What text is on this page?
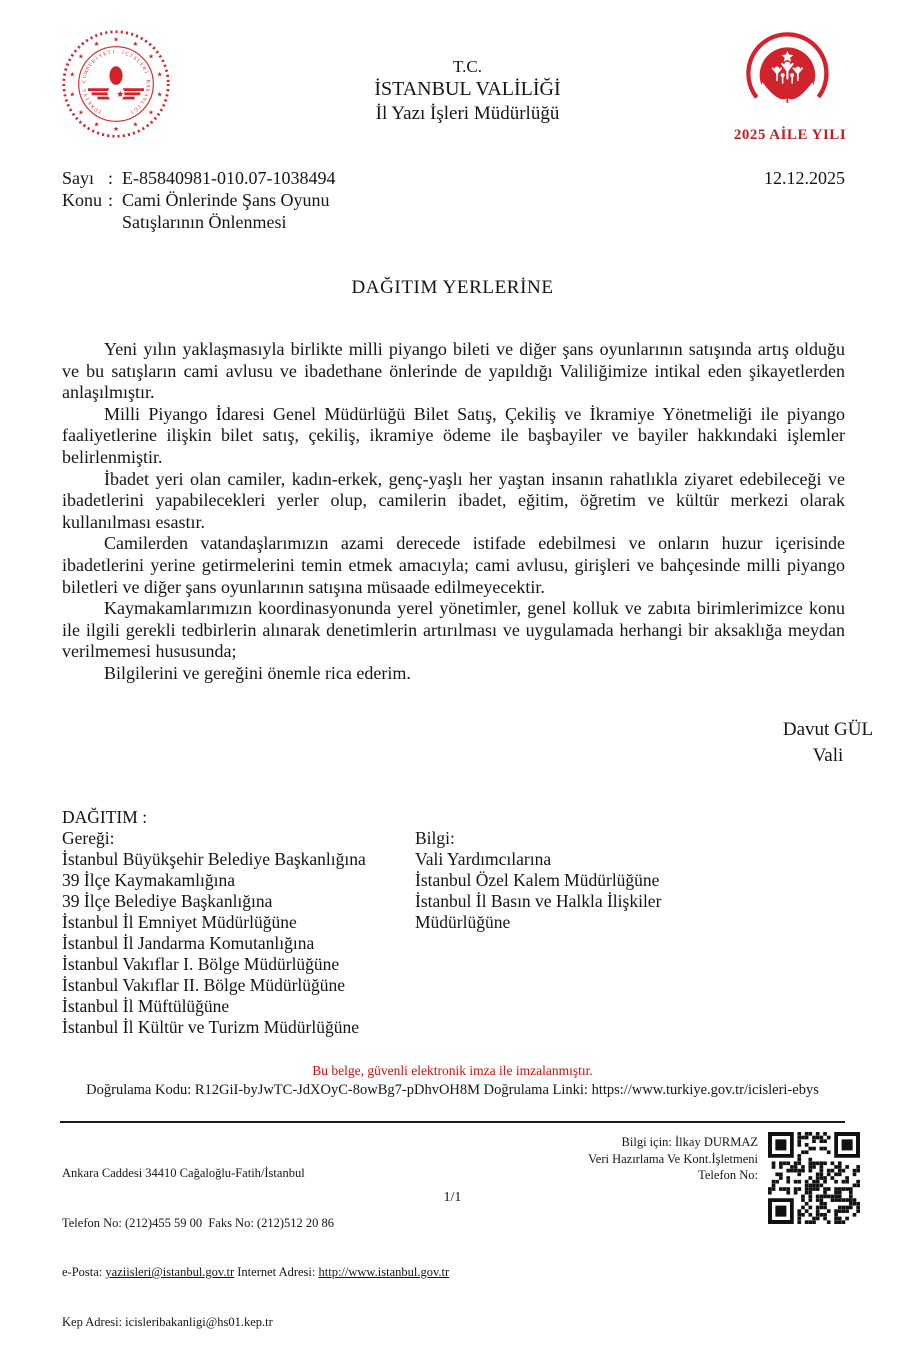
★
★
★
★
★
★
★
★
★
★
★
★
★
★
T
Ü
R
K
İ
Y
E
C
U
M
H
U
R
İ
Y E T İ İ Ç İ Ş
L
E
R
İ
B
A
K
A
N
L
I
Ğ
I
T.C.
İSTANBUL VALİLİĞİ
İl Yazı İşleri Müdürlüğü
2025 AİLE YILI
Sayı : E-85840981-010.07-1038494
Konu : Cami Önlerinde Şans Oyunu
Satışlarının Önlenmesi
12.12.2025
DAĞITIM YERLERİNE

Yeni yılın yaklaşmasıyla birlikte milli piyango bileti ve diğer şans oyunlarının satışında artış olduğu ve bu satışların cami avlusu ve ibadethane önlerinde de yapıldığı Valiliğimize intikal eden şikayetlerden anlaşılmıştır.

Milli Piyango İdaresi Genel Müdürlüğü Bilet Satış, Çekiliş ve İkramiye Yönetmeliği ile piyango faaliyetlerine ilişkin bilet satış, çekiliş, ikramiye ödeme ile başbayiler ve bayiler hakkındaki işlemler belirlenmiştir.

İbadet yeri olan camiler, kadın-erkek, genç-yaşlı her yaştan insanın rahatlıkla ziyaret edebileceği ve ibadetlerini yapabilecekleri yerler olup, camilerin ibadet, eğitim, öğretim ve kültür merkezi olarak kullanılması esastır.

Camilerden vatandaşlarımızın azami derecede istifade edebilmesi ve onların huzur içerisinde ibadetlerini yerine getirmelerini temin etmek amacıyla; cami avlusu, girişleri ve bahçesinde milli piyango biletleri ve diğer şans oyunlarının satışına müsaade edilmeyecektir.

Kaymakamlarımızın koordinasyonunda yerel yönetimler, genel kolluk ve zabıta birimlerimizce konu ile ilgili gerekli tedbirlerin alınarak denetimlerin artırılması ve uygulamada herhangi bir aksaklığa meydan verilmemesi hususunda;

Bilgilerini ve gereğini önemle rica ederim.

Davut GÜL
Vali
DAĞITIM :
Gereği:
İstanbul Büyükşehir Belediye Başkanlığına
39 İlçe Kaymakamlığına
39 İlçe Belediye Başkanlığına
İstanbul İl Emniyet Müdürlüğüne
İstanbul İl Jandarma Komutanlığına
İstanbul Vakıflar I. Bölge Müdürlüğüne
İstanbul Vakıflar II. Bölge Müdürlüğüne
İstanbul İl Müftülüğüne
İstanbul İl Kültür ve Turizm Müdürlüğüne
Bilgi:
Vali Yardımcılarına
İstanbul Özel Kalem Müdürlüğüne
İstanbul İl Basın ve Halkla İlişkiler Müdürlüğüne
Bu belge, güvenli elektronik imza ile imzalanmıştır.
Doğrulama Kodu: R12GiI-byJwTC-JdXOyC-8owBg7-pDhvOH8M Doğrulama Linki: https://www.turkiye.gov.tr/icisleri-ebys

Ankara Caddesi 34410 Cağaloğlu-Fatih/İstanbul

Telefon No: (212)455 59 00  Faks No: (212)512 20 86

e-Posta: yaziisleri@istanbul.gov.tr Internet Adresi: http://www.istanbul.gov.tr

Kep Adresi: icisleribakanligi@hs01.kep.tr

Bilgi için: İlkay DURMAZ
Veri Hazırlama Ve Kont.İşletmeni
Telefon No:
1/1
